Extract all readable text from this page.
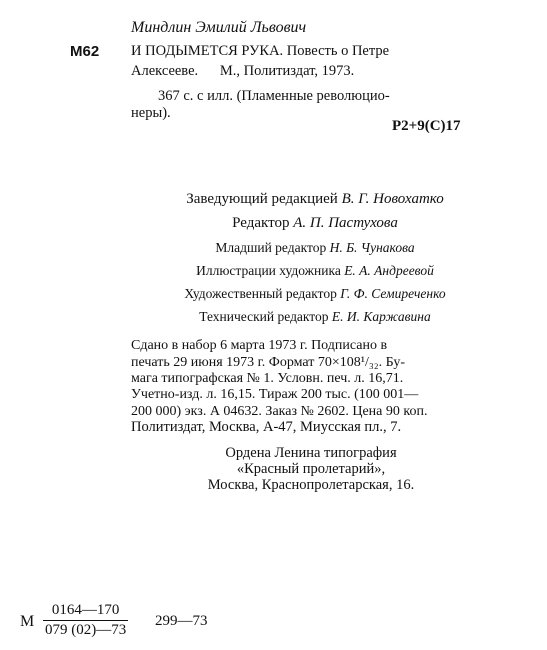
Миндлин Эмилий Львович
М62 И ПОДЫМЕТСЯ РУКА. Повесть о Петре
Алексееве.      М., Политиздат, 1973.
367 с. с илл. (Пламенные революцио-
неры).
Р2+9(С)17
Заведующий редакцией В. Г. Новохатко
Редактор А. П. Пастухова
Младший редактор Н. Б. Чунакова
Иллюстрации художника Е. А. Андреевой
Художественный редактор Г. Ф. Семиреченко
Технический редактор Е. И. Каржавина
Сдано в набор 6 марта 1973 г. Подписано в
печать 29 июня 1973 г. Формат 70×108¹/₃₂. Бу-
мага типографская № 1. Условн. печ. л. 16,71.
Учетно-изд. л. 16,15. Тираж 200 тыс. (100 001—
200 000) экз. А 04632. Заказ № 2602. Цена 90 коп.
Политиздат, Москва, А-47, Миусская пл., 7.
Ордена Ленина типография
«Красный пролетарий»,
Москва, Краснопролетарская, 16.
М $\frac{0164—170}{079 (02)—73}$ 299—73
